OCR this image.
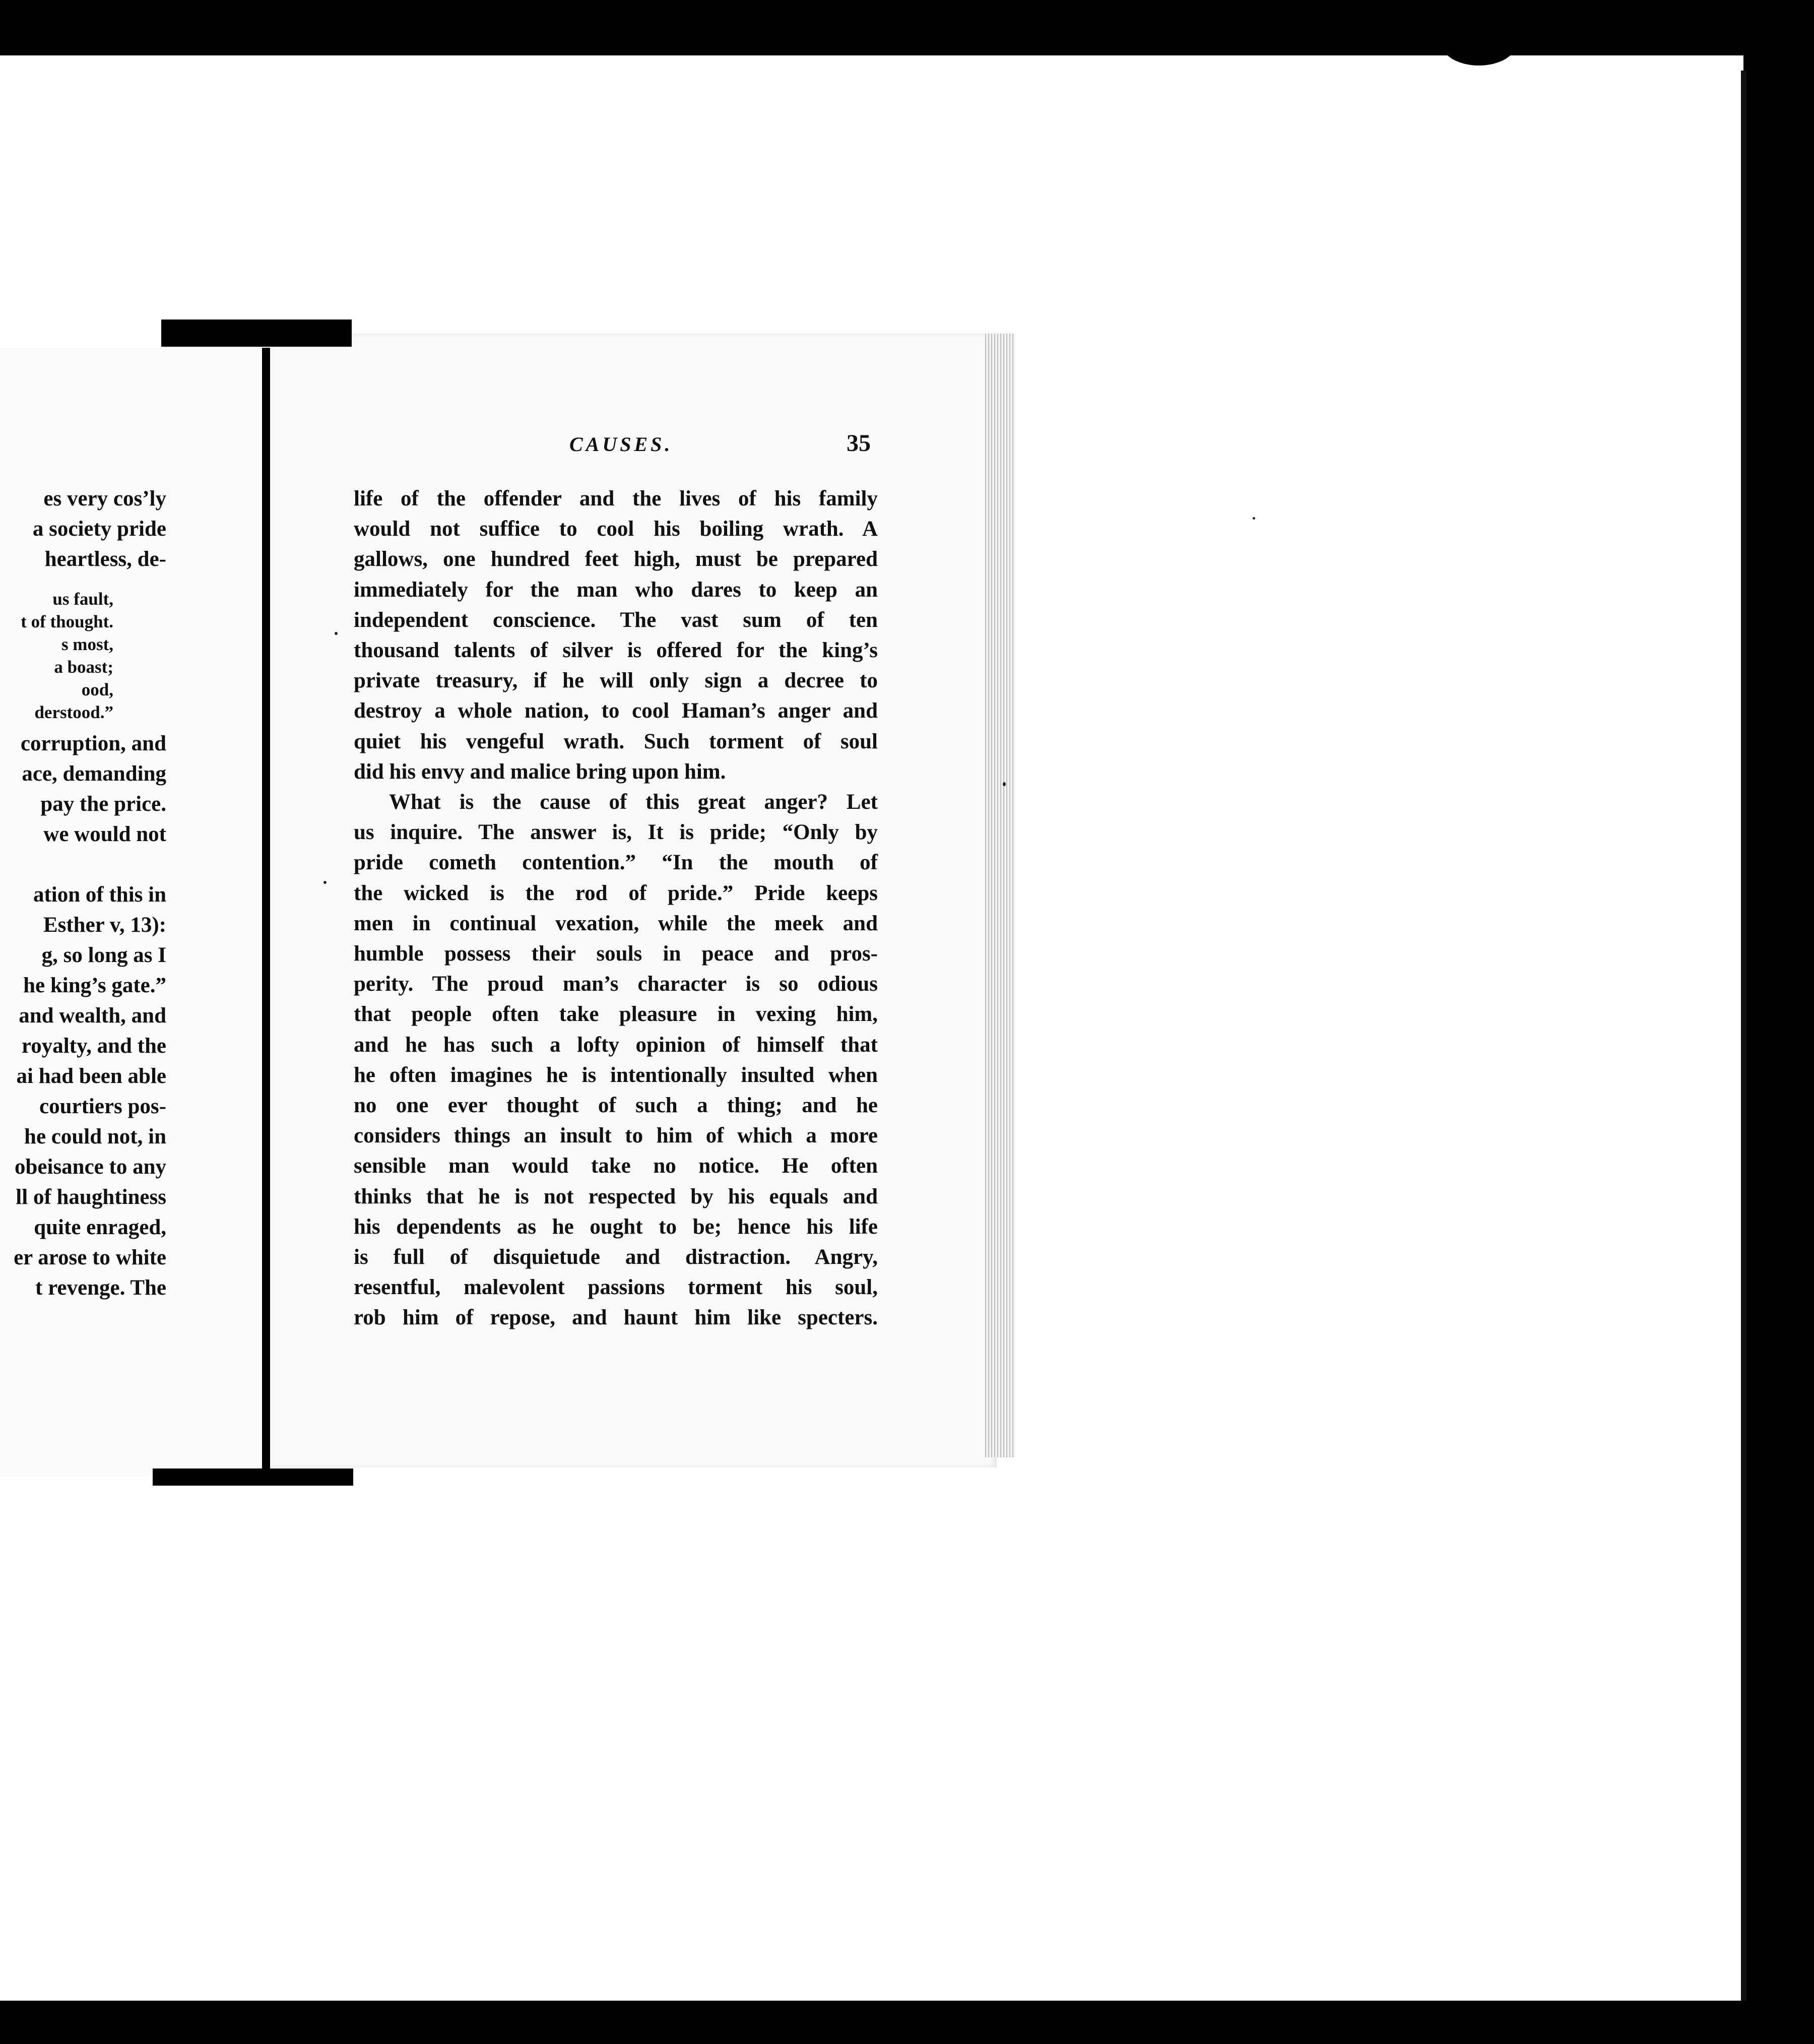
es very cos’ly
a society pride
heartless, de-
us fault,
t of thought.
s most,
a boast;
ood,
derstood.”
corruption, and
ace, demanding
pay the price.
we would not
ation of this in
Esther v, 13):
g, so long as I
he king’s gate.”
and wealth, and
royalty, and the
ai had been able
courtiers pos-
he could not, in
obeisance to any
ll of haughtiness
quite enraged,
er arose to white
t revenge. The
CAUSES.	35
life of the offender and the lives of his family
would not suffice to cool his boiling wrath. A
gallows, one hundred feet high, must be prepared
immediately for the man who dares to keep an
independent conscience. The vast sum of ten
thousand talents of silver is offered for the king’s
private treasury, if he will only sign a decree to
destroy a whole nation, to cool Haman’s anger and
quiet his vengeful wrath. Such torment of soul
did his envy and malice bring upon him.
What is the cause of this great anger? Let
us inquire. The answer is, It is pride; “Only by
pride cometh contention.” “In the mouth of
the wicked is the rod of pride.” Pride keeps
men in continual vexation, while the meek and
humble possess their souls in peace and pros-
perity. The proud man’s character is so odious
that people often take pleasure in vexing him,
and he has such a lofty opinion of himself that
he often imagines he is intentionally insulted when
no one ever thought of such a thing; and he
considers things an insult to him of which a more
sensible man would take no notice. He often
thinks that he is not respected by his equals and
his dependents as he ought to be; hence his life
is full of disquietude and distraction. Angry,
resentful, malevolent passions torment his soul,
rob him of repose, and haunt him like specters.
